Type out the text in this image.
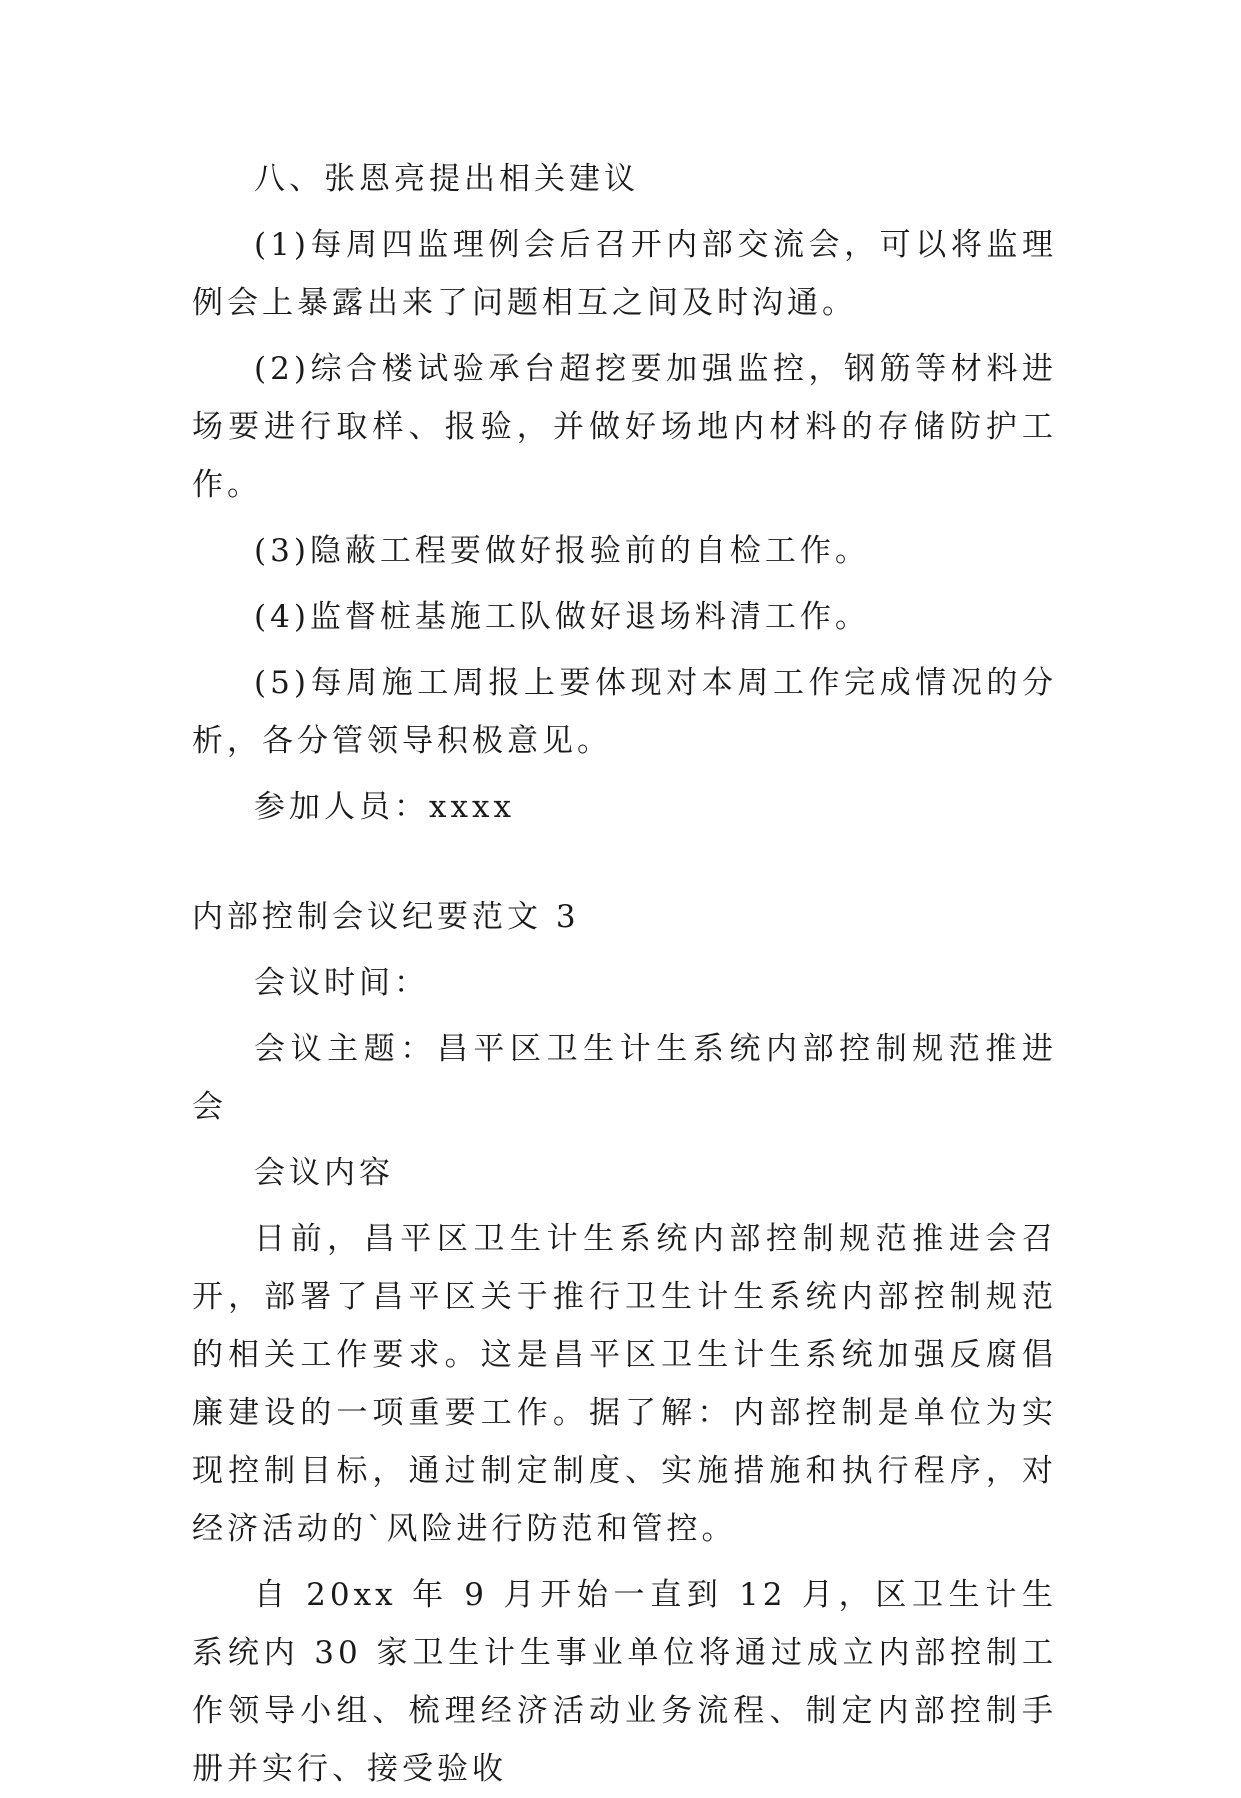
八、张恩亮提出相关建议

(1)每周四监理例会后召开内部交流会，可以将监理例会上暴露出来了问题相互之间及时沟通。

(2)综合楼试验承台超挖要加强监控，钢筋等材料进场要进行取样、报验，并做好场地内材料的存储防护工作。

(3)隐蔽工程要做好报验前的自检工作。

(4)监督桩基施工队做好退场料清工作。

(5)每周施工周报上要体现对本周工作完成情况的分析，各分管领导积极意见。

参加人员：xxxx

内部控制会议纪要范文 3

会议时间：

会议主题：昌平区卫生计生系统内部控制规范推进会

会议内容

日前，昌平区卫生计生系统内部控制规范推进会召开，部署了昌平区关于推行卫生计生系统内部控制规范的相关工作要求。这是昌平区卫生计生系统加强反腐倡廉建设的一项重要工作。据了解：内部控制是单位为实现控制目标，通过制定制度、实施措施和执行程序，对经济活动的`风险进行防范和管控。

自 20xx 年 9 月开始一直到 12 月，区卫生计生系统内 30 家卫生计生事业单位将通过成立内部控制工作领导小组、梳理经济活动业务流程、制定内部控制手册并实行、接受验收
